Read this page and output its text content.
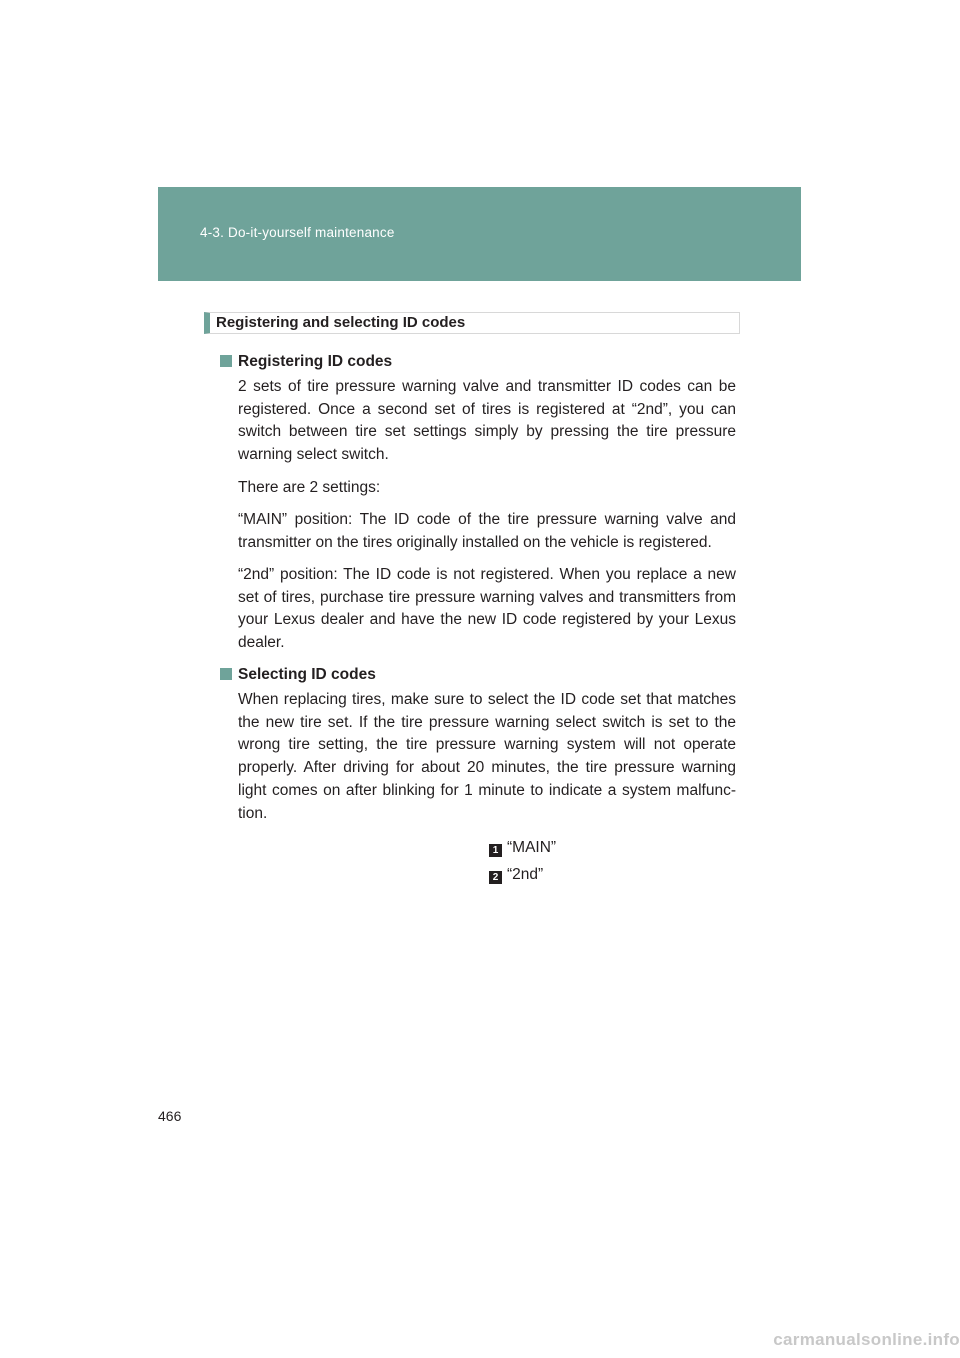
4-3. Do-it-yourself maintenance
Registering and selecting ID codes
Registering ID codes
2 sets of tire pressure warning valve and transmitter ID codes can be registered. Once a second set of tires is registered at “2nd”, you can switch between tire set settings simply by pressing the tire pressure warning select switch.
There are 2 settings:
“MAIN” position: The ID code of the tire pressure warning valve and transmitter on the tires originally installed on the vehicle is registered.
“2nd” position: The ID code is not registered. When you replace a new set of tires, purchase tire pressure warning valves and transmitters from your Lexus dealer and have the new ID code registered by your Lexus dealer.
Selecting ID codes
When replacing tires, make sure to select the ID code set that matches the new tire set. If the tire pressure warning select switch is set to the wrong tire setting, the tire pressure warning system will not operate properly. After driving for about 20 minutes, the tire pressure warning light comes on after blinking for 1 minute to indicate a system malfunc-tion.
1 “MAIN”
2 “2nd”
466
carmanualsonline.info
